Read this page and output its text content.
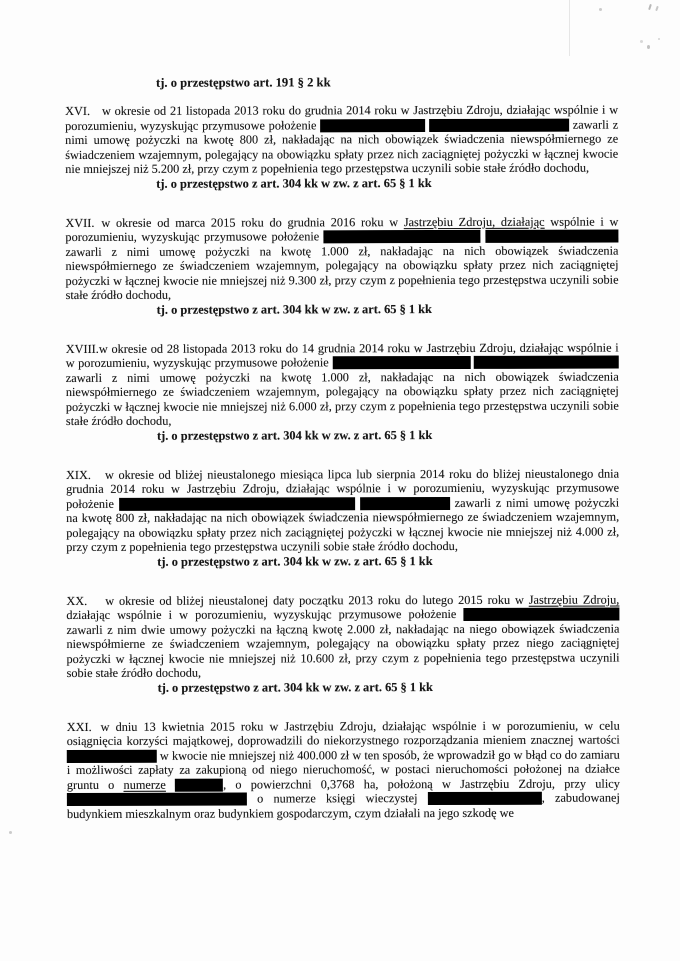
tj. o przestępstwo art. 191 § 2 kk
XVI. w okresie od 21 listopada 2013 roku do grudnia 2014 roku w Jastrzębiu Zdroju, działając wspólnie i w porozumieniu, wyzyskując przymusowe położenie	zawarli z nimi umowę pożyczki na kwotę 800 zł, nakładając na nich obowiązek świadczenia niewspółmiernego ze świadczeniem wzajemnym, polegający na obowiązku spłaty przez nich zaciągniętej pożyczki w łącznej kwocie nie mniejszej niż 5.200 zł, przy czym z popełnienia tego przestępstwa uczynili sobie stałe źródło dochodu,
tj. o przestępstwo z art. 304 kk w zw. z art. 65 § 1 kk
XVII. w okresie od marca 2015 roku do grudnia 2016 roku w Jastrzębiu Zdroju, działając wspólnie i w porozumieniu, wyzyskując przymusowe położenie   zawarli z nimi umowę pożyczki na kwotę 1.000 zł, nakładając na nich obowiązek świadczenia niewspółmiernego ze świadczeniem wzajemnym, polegający na obowiązku spłaty przez nich zaciągniętej pożyczki w łącznej kwocie nie mniejszej niż 9.300 zł, przy czym z popełnienia tego przestępstwa uczynili sobie stałe źródło dochodu,
tj. o przestępstwo z art. 304 kk w zw. z art. 65 § 1 kk
XVIII.w okresie od 28 listopada 2013 roku do 14 grudnia 2014 roku w Jastrzębiu Zdroju, działając wspólnie i w porozumieniu, wyzyskując przymusowe położenie   zawarli z nimi umowę pożyczki na kwotę 1.000 zł, nakładając na nich obowiązek świadczenia niewspółmiernego ze świadczeniem wzajemnym, polegający na obowiązku spłaty przez nich zaciągniętej pożyczki w łącznej kwocie nie mniejszej niż 6.000 zł, przy czym z popełnienia tego przestępstwa uczynili sobie stałe źródło dochodu,
tj. o przestępstwo z art. 304 kk w zw. z art. 65 § 1 kk
XIX. w okresie od bliżej nieustalonego miesiąca lipca lub sierpnia 2014 roku do bliżej nieustalonego dnia grudnia 2014 roku w Jastrzębiu Zdroju, działając wspólnie i w porozumieniu, wyzyskując przymusowe położenie	zawarli z nimi umowę pożyczki na kwotę 800 zł, nakładając na nich obowiązek świadczenia niewspółmiernego ze świadczeniem wzajemnym, polegający na obowiązku spłaty przez nich zaciągniętej pożyczki w łącznej kwocie nie mniejszej niż 4.000 zł, przy czym z popełnienia tego przestępstwa uczynili sobie stałe źródło dochodu,
tj. o przestępstwo z art. 304 kk w zw. z art. 65 § 1 kk
XX. w okresie od bliżej nieustalonej daty początku 2013 roku do lutego 2015 roku w Jastrzębiu Zdroju, działając wspólnie i w porozumieniu, wyzyskując przymusowe położenie  zawarli z nim dwie umowy pożyczki na łączną kwotę 2.000 zł, nakładając na niego obowiązek świadczenia niewspółmierne ze świadczeniem wzajemnym, polegający na obowiązku spłaty przez niego zaciągniętej pożyczki w łącznej kwocie nie mniejszej niż 10.600 zł, przy czym z popełnienia tego przestępstwa uczynili sobie stałe źródło dochodu,
tj. o przestępstwo z art. 304 kk w zw. z art. 65 § 1 kk
XXI. w dniu 13 kwietnia 2015 roku w Jastrzębiu Zdroju, działając wspólnie i w porozumieniu, w celu osiągnięcia korzyści majątkowej, doprowadzili do niekorzystnego rozporządzania mieniem znacznej wartości  w kwocie nie mniejszej niż 400.000 zł w ten sposób, że wprowadził go w błąd co do zamiaru i możliwości zapłaty za zakupioną od niego nieruchomość, w postaci nieruchomości położonej na działce gruntu o numerze	, o powierzchni 0,3768 ha, położoną w Jastrzębiu Zdroju, przy ulicy  o numerze księgi wieczystej	, zabudowanej budynkiem mieszkalnym oraz budynkiem gospodarczym, czym działali na jego szkodę we
